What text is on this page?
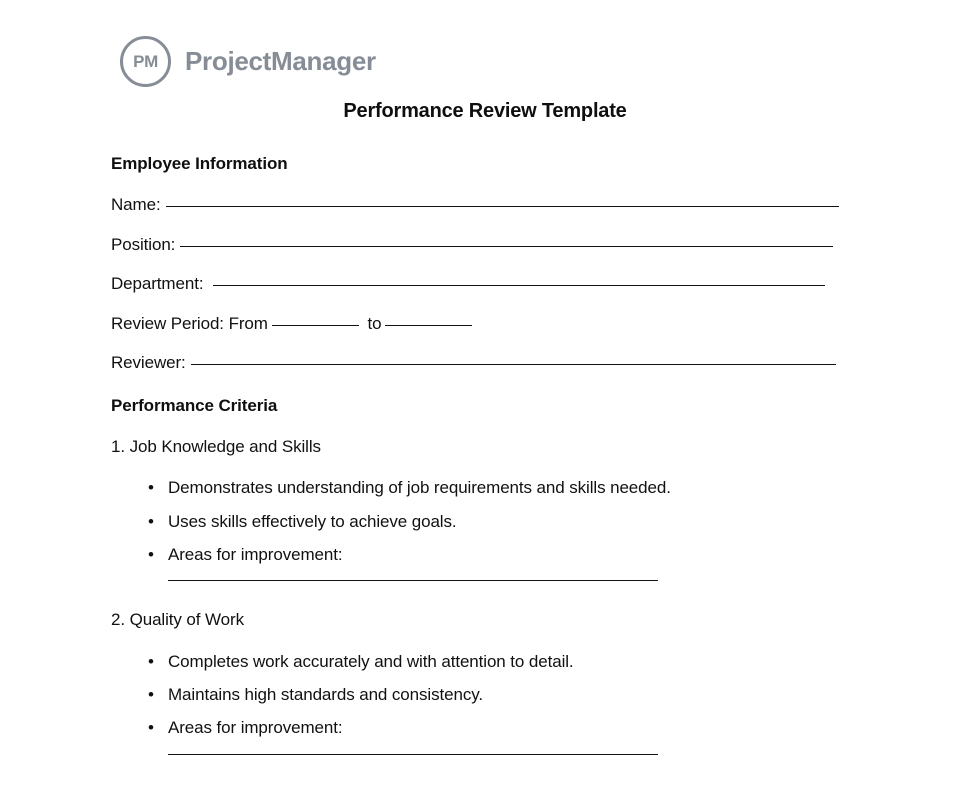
PM ProjectManager
Performance Review Template
Employee Information

Name:

Position:

Department:

Review Period: From	to

Reviewer:

Performance Criteria

1. Job Knowledge and Skills

• Demonstrates understanding of job requirements and skills needed.
• Uses skills effectively to achieve goals.
• Areas for improvement:

2. Quality of Work

• Completes work accurately and with attention to detail.
• Maintains high standards and consistency.
• Areas for improvement:
